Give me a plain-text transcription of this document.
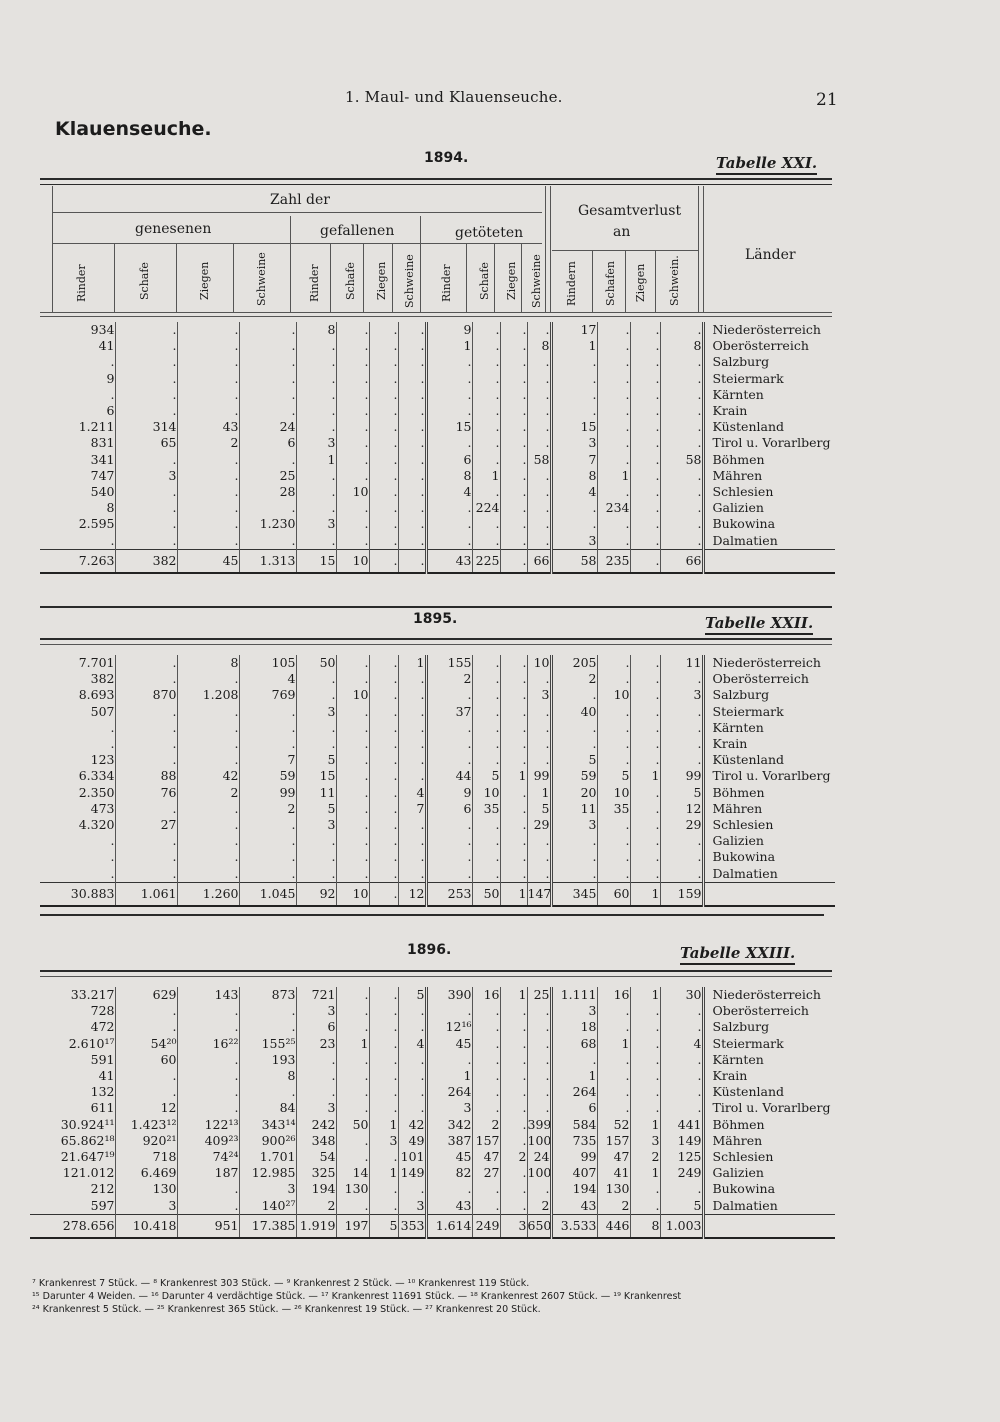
1. Maul- und Klauenseuche.	21
Klauenseuche.
1894.	Tabelle XXI.
Zahl der
Gesamtverlust
an
genesenen	gefallenen	getöteten
Länder
Rinder	Schafe	Ziegen	Schweine	Rinder Schafe Ziegen Schweine Rinder Schafe Ziegen Schweine Rindern Schafen Ziegen Schwein.
934	.	.	.	8	.	.	.	9	.	.	.	17	.	.	.	Niederösterreich
41	.	.	.	.	.	.	.	1	.	.	8	1	.	.	8	Oberösterreich
.	.	.	.	.	.	.	.	.	.	.	.	.	.	.	.	Salzburg
9	.	.	.	.	.	.	.	.	.	.	.	.	.	.	.	Steiermark
.	.	.	.	.	.	.	.	.	.	.	.	.	.	.	.	Kärnten
6	.	.	.	.	.	.	.	.	.	.	.	.	.	.	.	Krain
1.211	314	43	24	.	.	.	.	15	.	.	.	15	.	.	.	Küstenland
831	65	2	6	3	.	.	.	.	.	.	.	3	.	.	.	Tirol u. Vorarlberg
341	.	.	.	1	.	.	.	6	.	.	58	7	.	.	58	Böhmen
747	3	.	25	.	.	.	.	8	1	.	.	8	1	.	.	Mähren
540	.	.	28	.	10	.	.	4	.	.	.	4	.	.	.	Schlesien
8	.	.	.	.	.	.	.	.	224	.	.	.	234	.	.	Galizien
2.595	.	.	1.230	3	.	.	.	.	.	.	.	.	.	.	.	Bukowina
.	.	.	.	.	.	.	.	.	.	.	.	3	.	.	.	Dalmatien
7.263	382	45	1.313	15	10	.	.	43	225	.	66	58	235	.	66	
1895.	Tabelle XXII.
7.701	.	8	105	50	.	.	1	155	.	.	10	205	.	.	11	Niederösterreich
382	.	.	4	.	.	.	.	2	.	.	.	2	.	.	.	Oberösterreich
8.693	870	1.208	769	.	10	.	.	.	.	.	3	.	10	.	3	Salzburg
507	.	.	.	3	.	.	.	37	.	.	.	40	.	.	.	Steiermark
.	.	.	.	.	.	.	.	.	.	.	.	.	.	.	.	Kärnten
.	.	.	.	.	.	.	.	.	.	.	.	.	.	.	.	Krain
123	.	.	7	5	.	.	.	.	.	.	.	5	.	.	.	Küstenland
6.334	88	42	59	15	.	.	.	44	5	1	99	59	5	1	99	Tirol u. Vorarlberg
2.350	76	2	99	11	.	.	4	9	10	.	1	20	10	.	5	Böhmen
473	.	.	2	5	.	.	7	6	35	.	5	11	35	.	12	Mähren
4.320	27	.	.	3	.	.	.	.	.	.	29	3	.	.	29	Schlesien
.	.	.	.	.	.	.	.	.	.	.	.	.	.	.	.	Galizien
.	.	.	.	.	.	.	.	.	.	.	.	.	.	.	.	Bukowina
.	.	.	.	.	.	.	.	.	.	.	.	.	.	.	.	Dalmatien
30.883	1.061	1.260	1.045	92	10	.	12	253	50	1	147	345	60	1	159	
1896.	Tabelle XXIII.
33.217	629	143	873	721	.	.	5	390	16	1	25	1.111	16	1	30	Niederösterreich
728	.	.	.	3	.	.	.	.	.	.	.	3	.	.	.	Oberösterreich
472	.	.	.	6	.	.	.	12¹⁶	.	.	.	18	.	.	.	Salzburg
2.610¹⁷	54²⁰	16²²	155²⁵	23	1	.	4	45	.	.	.	68	1	.	4	Steiermark
591	60	.	193	.	.	.	.	.	.	.	.	.	.	.	.	Kärnten
41	.	.	8	.	.	.	.	1	.	.	.	1	.	.	.	Krain
132	.	.	.	.	.	.	.	264	.	.	.	264	.	.	.	Küstenland
611	12	.	84	3	.	.	.	3	.	.	.	6	.	.	.	Tirol u. Vorarlberg
30.924¹¹	1.423¹²	122¹³	343¹⁴	242	50	1	42	342	2	.	399	584	52	1	441	Böhmen
65.862¹⁸	920²¹	409²³	900²⁶	348	.	3	49	387	157	.	100	735	157	3	149	Mähren
21.647¹⁹	718	74²⁴	1.701	54	.	.	101	45	47	2	24	99	47	2	125	Schlesien
121.012	6.469	187	12.985	325	14	1	149	82	27	.	100	407	41	1	249	Galizien
212	130	.	3	194	130	.	.	.	.	.	.	194	130	.	.	Bukowina
597	3	.	140²⁷	2	.	.	3	43	.	.	2	43	2	.	5	Dalmatien
278.656	10.418	951	17.385	1.919	197	5	353	1.614	249	3	650	3.533	446	8	1.003	
⁷ Krankenrest 7 Stück. — ⁸ Krankenrest 303 Stück. — ⁹ Krankenrest 2 Stück. — ¹⁰ Krankenrest 119 Stück.
¹⁵ Darunter 4 Weiden. — ¹⁶ Darunter 4 verdächtige Stück. — ¹⁷ Krankenrest 11691 Stück. — ¹⁸ Krankenrest 2607 Stück. — ¹⁹ Krankenrest
²⁴ Krankenrest 5 Stück. — ²⁵ Krankenrest 365 Stück. — ²⁶ Krankenrest 19 Stück. — ²⁷ Krankenrest 20 Stück.
